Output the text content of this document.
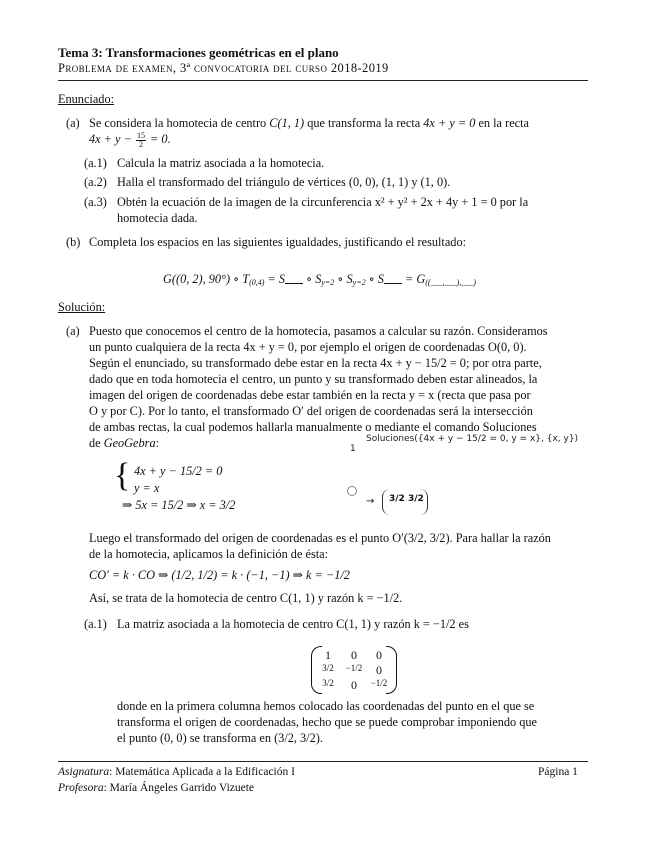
Tema 3: Transformaciones geométricas en el plano
Problema de examen, 3ª convocatoria del curso 2018-2019
Enunciado:
(a) Se considera la homotecia de centro C(1, 1) que transforma la recta 4x + y = 0 en la recta
$4x + y - \frac{15}{2} = 0$.
(a.1) Calcula la matriz asociada a la homotecia.
(a.2) Halla el transformado del triángulo de vértices (0, 0), (1, 1) y (1, 0).
(a.3) Obtén la ecuación de la imagen de la circunferencia x² + y² + 2x + 4y + 1 = 0 por la
homotecia dada.
(b) Completa los espacios en las siguientes igualdades, justificando el resultado:
G((0, 2), 90°) ∘ T(0,4) = S ∘ Sy=2 ∘ Sy=2 ∘ S = G((___,___),___)
Solución:
(a) Puesto que conocemos el centro de la homotecia, pasamos a calcular su razón. Consideramos
un punto cualquiera de la recta 4x + y = 0, por ejemplo el origen de coordenadas O(0, 0).
Según el enunciado, su transformado debe estar en la recta 4x + y − 15/2 = 0; por otra parte,
dado que en toda homotecia el centro, un punto y su transformado deben estar alineados, la
imagen del origen de coordenadas debe estar también en la recta y = x (recta que pasa por
O y por C). Por lo tanto, el transformado O′ del origen de coordenadas será la intersección
de ambas rectas, la cual podemos hallarla manualmente o mediante el comando Soluciones
de GeoGebra:
{ 4x + y − 15/2 = 0
y = x
⇒ 5x = 15/2 ⇒ x = 3/2
1
Soluciones({4x + y − 15/2 = 0, y = x}, {x, y})
→ 3/2 3/2
Luego el transformado del origen de coordenadas es el punto O′(3/2, 3/2). Para hallar la razón
de la homotecia, aplicamos la definición de ésta:
CO′ = k · CO ⇒ (1/2, 1/2) = k · (−1, −1) ⇒ k = −1/2
Así, se trata de la homotecia de centro C(1, 1) y razón k = −1/2.
(a.1) La matriz asociada a la homotecia de centro C(1, 1) y razón k = −1/2 es
1	0	0
3/2	−1/2	0
3/2	0	−1/2
donde en la primera columna hemos colocado las coordenadas del punto en el que se
transforma el origen de coordenadas, hecho que se puede comprobar imponiendo que
el punto (0, 0) se transforma en (3/2, 3/2).
Asignatura: Matemática Aplicada a la Edificación I	Página 1
Profesora: María Ángeles Garrido Vizuete
